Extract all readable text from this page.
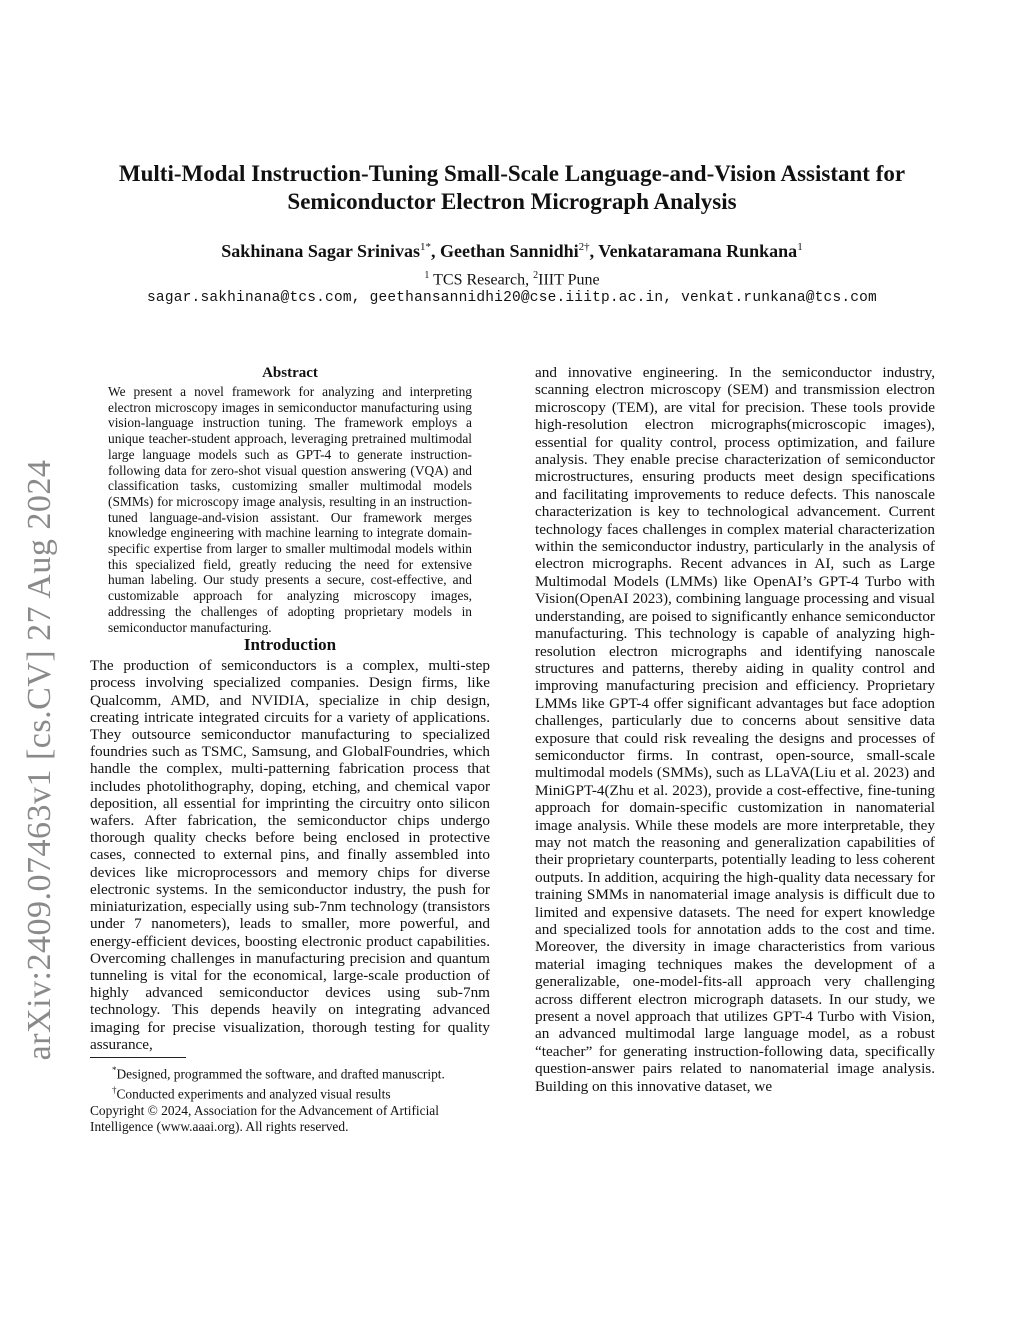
arXiv:2409.07463v1 [cs.CV] 27 Aug 2024
Multi-Modal Instruction-Tuning Small-Scale Language-and-Vision Assistant for
Semiconductor Electron Micrograph Analysis
Sakhinana Sagar Srinivas$^{1*}$, Geethan Sannidhi$^{2\dagger}$, Venkataramana Runkana$^1$
$^1$ TCS Research, $^2$IIIT Pune
sagar.sakhinana@tcs.com, geethansannidhi20@cse.iiitp.ac.in, venkat.runkana@tcs.com
Abstract

We present a novel framework for analyzing and interpreting electron microscopy images in semiconductor manufacturing using vision-language instruction tuning. The framework employs a unique teacher-student approach, leveraging pretrained multimodal large language models such as GPT-4 to generate instruction-following data for zero-shot visual question answering (VQA) and classification tasks, customizing smaller multimodal models (SMMs) for microscopy image analysis, resulting in an instruction-tuned language-and-vision assistant. Our framework merges knowledge engineering with machine learning to integrate domain-specific expertise from larger to smaller multimodal models within this specialized field, greatly reducing the need for extensive human labeling. Our study presents a secure, cost-effective, and customizable approach for analyzing microscopy images, addressing the challenges of adopting proprietary models in semiconductor manufacturing.

Introduction

The production of semiconductors is a complex, multi-step process involving specialized companies. Design firms, like Qualcomm, AMD, and NVIDIA, specialize in chip design, creating intricate integrated circuits for a variety of applications. They outsource semiconductor manufacturing to specialized foundries such as TSMC, Samsung, and GlobalFoundries, which handle the complex, multi-patterning fabrication process that includes photolithography, doping, etching, and chemical vapor deposition, all essential for imprinting the circuitry onto silicon wafers. After fabrication, the semiconductor chips undergo thorough quality checks before being enclosed in protective cases, connected to external pins, and finally assembled into devices like microprocessors and memory chips for diverse electronic systems. In the semiconductor industry, the push for miniaturization, especially using sub-7nm technology (transistors under 7 nanometers), leads to smaller, more powerful, and energy-efficient devices, boosting electronic product capabilities. Overcoming challenges in manufacturing precision and quantum tunneling is vital for the economical, large-scale production of highly advanced semiconductor devices using sub-7nm technology. This depends heavily on integrating advanced imaging for precise visualization, thorough testing for quality assurance,

*Designed, programmed the software, and drafted manuscript.
†Conducted experiments and analyzed visual results

Copyright © 2024, Association for the Advancement of Artificial Intelligence (www.aaai.org). All rights reserved.

and innovative engineering. In the semiconductor industry, scanning electron microscopy (SEM) and transmission electron microscopy (TEM), are vital for precision. These tools provide high-resolution electron micrographs(microscopic images), essential for quality control, process optimization, and failure analysis. They enable precise characterization of semiconductor microstructures, ensuring products meet design specifications and facilitating improvements to reduce defects. This nanoscale characterization is key to technological advancement. Current technology faces challenges in complex material characterization within the semiconductor industry, particularly in the analysis of electron micrographs. Recent advances in AI, such as Large Multimodal Models (LMMs) like OpenAI’s GPT-4 Turbo with Vision(OpenAI 2023), combining language processing and visual understanding, are poised to significantly enhance semiconductor manufacturing. This technology is capable of analyzing high-resolution electron micrographs and identifying nanoscale structures and patterns, thereby aiding in quality control and improving manufacturing precision and efficiency. Proprietary LMMs like GPT-4 offer significant advantages but face adoption challenges, particularly due to concerns about sensitive data exposure that could risk revealing the designs and processes of semiconductor firms. In contrast, open-source, small-scale multimodal models (SMMs), such as LLaVA(Liu et al. 2023) and MiniGPT-4(Zhu et al. 2023), provide a cost-effective, fine-tuning approach for domain-specific customization in nanomaterial image analysis. While these models are more interpretable, they may not match the reasoning and generalization capabilities of their proprietary counterparts, potentially leading to less coherent outputs. In addition, acquiring the high-quality data necessary for training SMMs in nanomaterial image analysis is difficult due to limited and expensive datasets. The need for expert knowledge and specialized tools for annotation adds to the cost and time. Moreover, the diversity in image characteristics from various material imaging techniques makes the development of a generalizable, one-model-fits-all approach very challenging across different electron micrograph datasets. In our study, we present a novel approach that utilizes GPT-4 Turbo with Vision, an advanced multimodal large language model, as a robust “teacher” for generating instruction-following data, specifically question-answer pairs related to nanomaterial image analysis. Building on this innovative dataset, we
